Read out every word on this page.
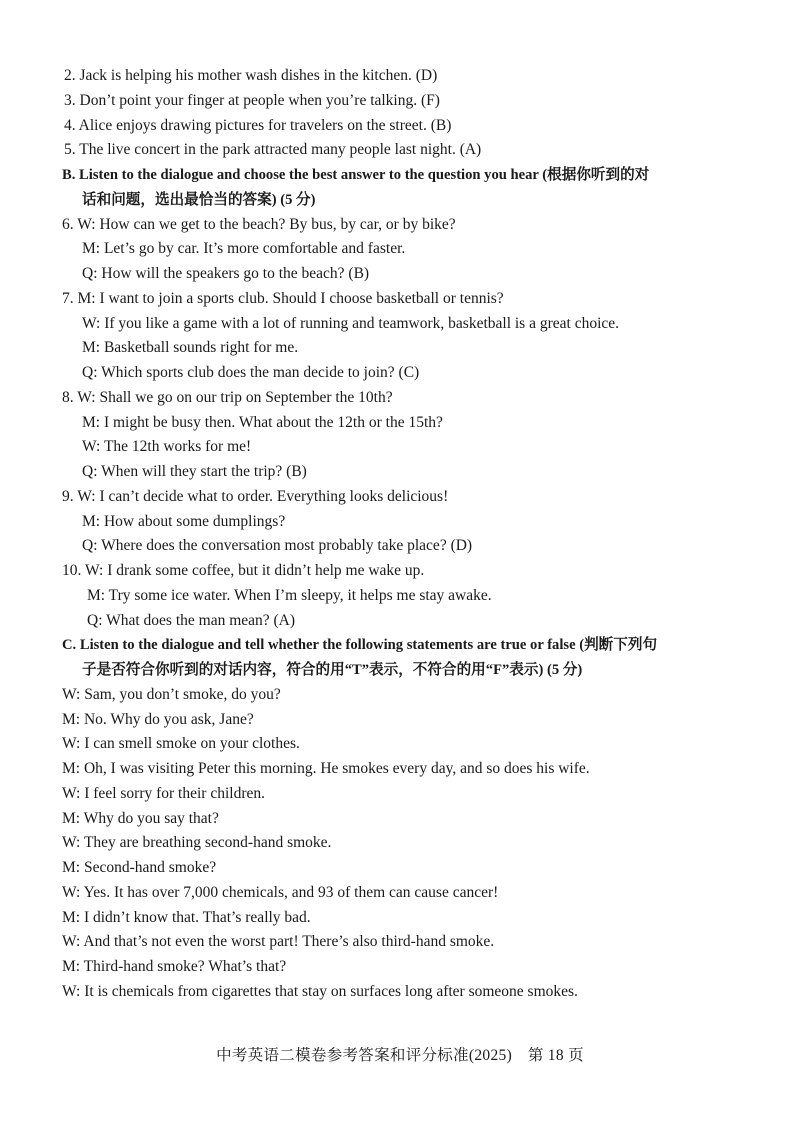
2. Jack is helping his mother wash dishes in the kitchen. (D)
3. Don’t point your finger at people when you’re talking. (F)
4. Alice enjoys drawing pictures for travelers on the street. (B)
5. The live concert in the park attracted many people last night. (A)
B. Listen to the dialogue and choose the best answer to the question you hear (根据你听到的对
话和问题，选出最恰当的答案) (5 分)
6. W: How can we get to the beach? By bus, by car, or by bike?
M: Let’s go by car. It’s more comfortable and faster.
Q: How will the speakers go to the beach? (B)
7. M: I want to join a sports club. Should I choose basketball or tennis?
W: If you like a game with a lot of running and teamwork, basketball is a great choice.
M: Basketball sounds right for me.
Q: Which sports club does the man decide to join? (C)
8. W: Shall we go on our trip on September the 10th?
M: I might be busy then. What about the 12th or the 15th?
W: The 12th works for me!
Q: When will they start the trip? (B)
9. W: I can’t decide what to order. Everything looks delicious!
M: How about some dumplings?
Q: Where does the conversation most probably take place? (D)
10. W: I drank some coffee, but it didn’t help me wake up.
M: Try some ice water. When I’m sleepy, it helps me stay awake.
Q: What does the man mean? (A)
C. Listen to the dialogue and tell whether the following statements are true or false (判断下列句
子是否符合你听到的对话内容，符合的用“T”表示，不符合的用“F”表示) (5 分)
W: Sam, you don’t smoke, do you?
M: No. Why do you ask, Jane?
W: I can smell smoke on your clothes.
M: Oh, I was visiting Peter this morning. He smokes every day, and so does his wife.
W: I feel sorry for their children.
M: Why do you say that?
W: They are breathing second-hand smoke.
M: Second-hand smoke?
W: Yes. It has over 7,000 chemicals, and 93 of them can cause cancer!
M: I didn’t know that. That’s really bad.
W: And that’s not even the worst part! There’s also third-hand smoke.
M: Third-hand smoke? What’s that?
W: It is chemicals from cigarettes that stay on surfaces long after someone smokes.
中考英语二模卷参考答案和评分标准(2025)　第 18 页
